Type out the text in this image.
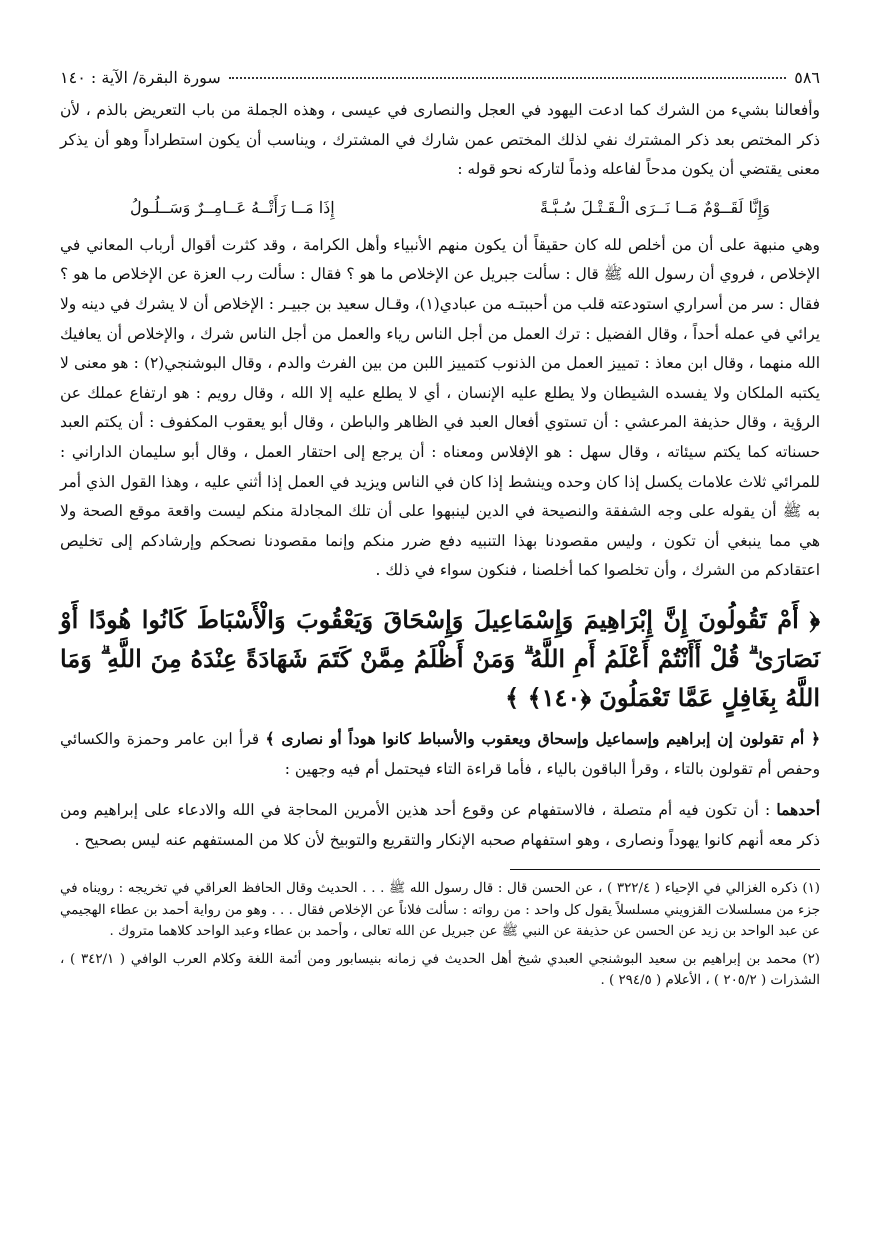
٥٨٦
سورة البقرة/ الآية : ١٤٠

وأفعالنا بشيء من الشرك كما ادعت اليهود في العجل والنصارى في عيسى ، وهذه الجملة من باب التعريض بالذم ، لأن ذكر المختص بعد ذكر المشترك نفي لذلك المختص عمن شارك في المشترك ، ويناسب أن يكون استطراداً وهو أن يذكر معنى يقتضي أن يكون مدحاً لفاعله وذماً لتاركه نحو قوله :

وَإِنَّا لَقَــوْمٌ مَــا نَــرَى الْـقَـتْـلَ سُـبَّـةً
إِذَا مَــا رَأَتْــهُ عَــامِــرٌ وَسَــلُـولُ

وهي منبهة على أن من أخلص لله كان حقيقاً أن يكون منهم الأنبياء وأهل الكرامة ، وقد كثرت أقوال أرباب المعاني في الإخلاص ، فروي أن رسول الله ﷺ قال : سألت جبريل عن الإخلاص ما هو ؟ فقال : سألت رب العزة عن الإخلاص ما هو ؟ فقال : سر من أسراري استودعته قلب من أحببتـه من عبادي(١)، وقـال سعيد بن جبيـر : الإخلاص أن لا يشرك في دينه ولا يرائي في عمله أحداً ، وقال الفضيل : ترك العمل من أجل الناس رياء والعمل من أجل الناس شرك ، والإخلاص أن يعافيك الله منهما ، وقال ابن معاذ : تمييز العمل من الذنوب كتمييز اللبن من بين الفرث والدم ، وقال البوشنجي(٢) : هو معنى لا يكتبه الملكان ولا يفسده الشيطان ولا يطلع عليه الإنسان ، أي لا يطلع عليه إلا الله ، وقال رويم : هو ارتفاع عملك عن الرؤية ، وقال حذيفة المرعشي : أن تستوي أفعال العبد في الظاهر والباطن ، وقال أبو يعقوب المكفوف : أن يكتم العبد حسناته كما يكتم سيئاته ، وقال سهل : هو الإفلاس ومعناه : أن يرجع إلى احتقار العمل ، وقال أبو سليمان الداراني : للمرائي ثلاث علامات يكسل إذا كان وحده وينشط إذا كان في الناس ويزيد في العمل إذا أثني عليه ، وهذا القول الذي أمر به ﷺ أن يقوله على وجه الشفقة والنصيحة في الدين لينبهوا على أن تلك المجادلة منكم ليست واقعة موقع الصحة ولا هي مما ينبغي أن تكون ، وليس مقصودنا بهذا التنبيه دفع ضرر منكم وإنما مقصودنا نصحكم وإرشادكم إلى تخليص اعتقادكم من الشرك ، وأن تخلصوا كما أخلصنا ، فنكون سواء في ذلك .

﴿ أَمْ تَقُولُونَ إِنَّ إِبْرَاهِيمَ وَإِسْمَاعِيلَ وَإِسْحَاقَ وَيَعْقُوبَ وَالْأَسْبَاطَ كَانُوا هُودًا أَوْ نَصَارَىٰ ۗ قُلْ أَأَنْتُمْ أَعْلَمُ أَمِ اللَّهُ ۗ وَمَنْ أَظْلَمُ مِمَّنْ كَتَمَ شَهَادَةً عِنْدَهُ مِنَ اللَّهِ ۗ وَمَا اللَّهُ بِغَافِلٍ عَمَّا تَعْمَلُونَ ﴿١٤٠﴾ ﴾

﴿ أم تقولون إن إبراهيم وإسماعيل وإسحاق ويعقوب والأسباط كانوا هوداً أو نصارى ﴾ قرأ ابن عامر وحمزة والكسائي وحفص أم تقولون بالتاء ، وقرأ الباقون بالياء ، فأما قراءة التاء فيحتمل أم فيه وجهين :

أحدهما : أن تكون فيه أم متصلة ، فالاستفهام عن وقوع أحد هذين الأمرين المحاجة في الله والادعاء على إبراهيم ومن ذكر معه أنهم كانوا يهوداً ونصارى ، وهو استفهام صحبه الإنكار والتقريع والتوبيخ لأن كلا من المستفهم عنه ليس بصحيح .

(١) ذكره الغزالي في الإحياء ( ٣٢٢/٤ ) ، عن الحسن قال : قال رسول الله ﷺ . . . الحديث وقال الحافظ العراقي في تخريجه : رويناه في جزء من مسلسلات القزويني مسلسلاً يقول كل واحد : من رواته : سألت فلاناً عن الإخلاص فقال . . . وهو من رواية أحمد بن عطاء الهجيمي عن عبد الواحد بن زيد عن الحسن عن حذيفة عن النبي ﷺ عن جبريل عن الله تعالى ، وأحمد بن عطاء وعبد الواحد كلاهما متروك .

(٢) محمد بن إبراهيم بن سعيد البوشنجي العبدي شيخ أهل الحديث في زمانه بنيسابور ومن أئمة اللغة وكلام العرب الوافي ( ٣٤٢/١ ) ، الشذرات ( ٢٠٥/٢ ) ، الأعلام ( ٢٩٤/٥ ) .
